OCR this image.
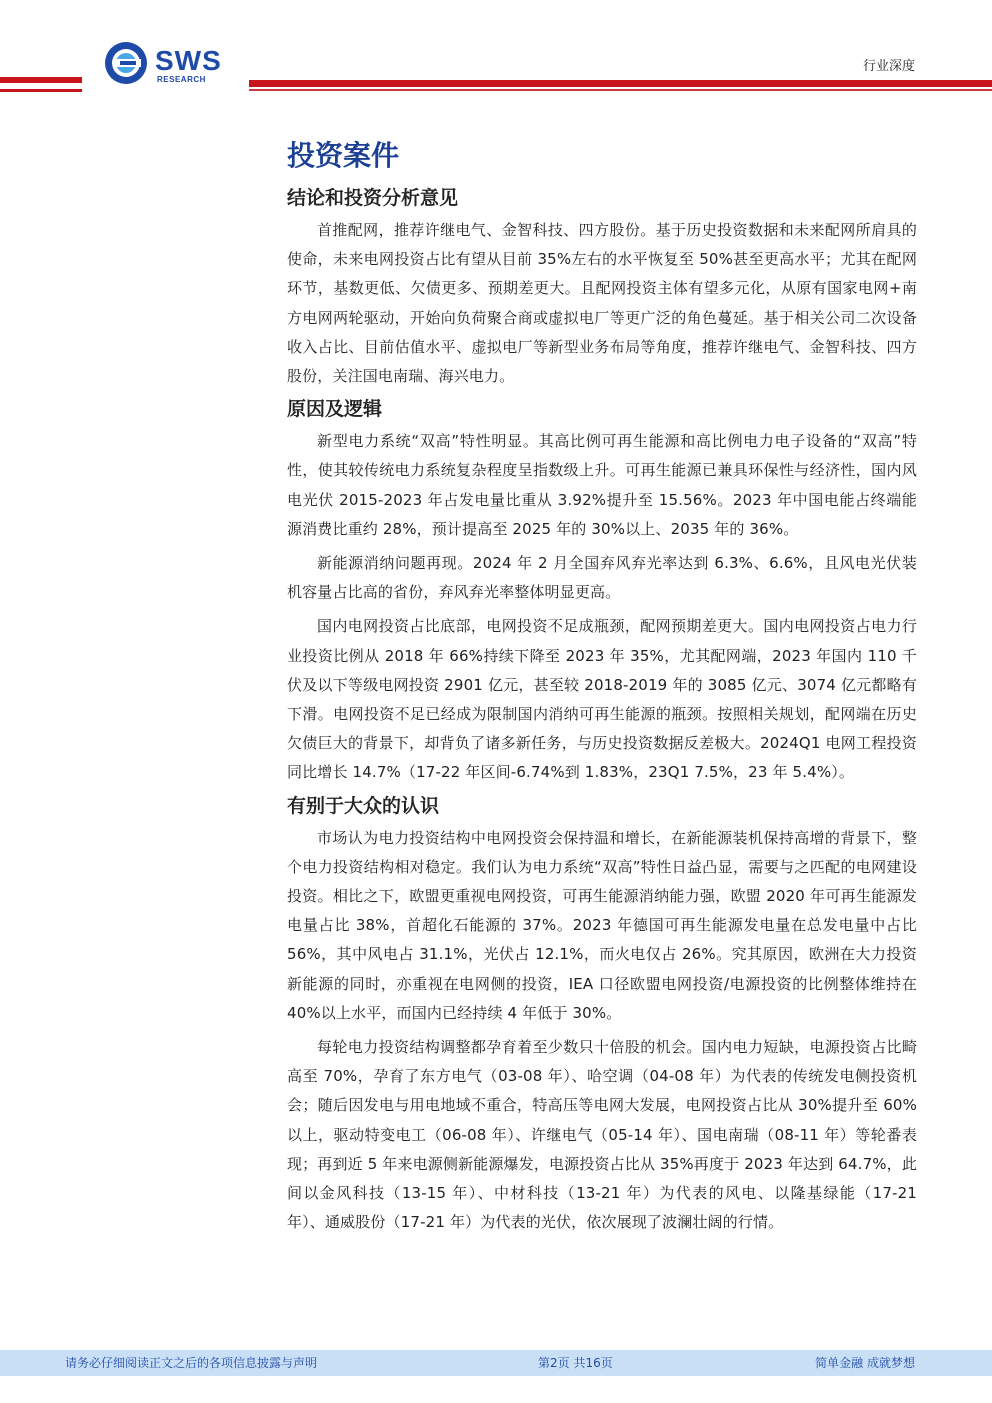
SWS
RESEARCH
行业深度
投资案件
结论和投资分析意见

首推配网，推荐许继电气、金智科技、四方股份。基于历史投资数据和未来配网所肩具的使命，未来电网投资占比有望从目前 35%左右的水平恢复至 50%甚至更高水平；尤其在配网环节，基数更低、欠债更多、预期差更大。且配网投资主体有望多元化，从原有国家电网+南方电网两轮驱动，开始向负荷聚合商或虚拟电厂等更广泛的角色蔓延。基于相关公司二次设备收入占比、目前估值水平、虚拟电厂等新型业务布局等角度，推荐许继电气、金智科技、四方股份，关注国电南瑞、海兴电力。

原因及逻辑

新型电力系统“双高”特性明显。其高比例可再生能源和高比例电力电子设备的“双高”特性，使其较传统电力系统复杂程度呈指数级上升。可再生能源已兼具环保性与经济性，国内风电光伏 2015-2023 年占发电量比重从 3.92%提升至 15.56%。2023 年中国电能占终端能源消费比重约 28%，预计提高至 2025 年的 30%以上、2035 年的 36%。

新能源消纳问题再现。2024 年 2 月全国弃风弃光率达到 6.3%、6.6%，且风电光伏装机容量占比高的省份，弃风弃光率整体明显更高。

国内电网投资占比底部，电网投资不足成瓶颈，配网预期差更大。国内电网投资占电力行业投资比例从 2018 年 66%持续下降至 2023 年 35%，尤其配网端，2023 年国内 110 千伏及以下等级电网投资 2901 亿元，甚至较 2018-2019 年的 3085 亿元、3074 亿元都略有下滑。电网投资不足已经成为限制国内消纳可再生能源的瓶颈。按照相关规划，配网端在历史欠债巨大的背景下，却背负了诸多新任务，与历史投资数据反差极大。2024Q1 电网工程投资同比增长 14.7%（17-22 年区间-6.74%到 1.83%，23Q1 7.5%，23 年 5.4%）。

有别于大众的认识

市场认为电力投资结构中电网投资会保持温和增长，在新能源装机保持高增的背景下，整个电力投资结构相对稳定。我们认为电力系统“双高”特性日益凸显，需要与之匹配的电网建设投资。相比之下，欧盟更重视电网投资，可再生能源消纳能力强，欧盟 2020 年可再生能源发电量占比 38%，首超化石能源的 37%。2023 年德国可再生能源发电量在总发电量中占比 56%，其中风电占 31.1%，光伏占 12.1%，而火电仅占 26%。究其原因，欧洲在大力投资新能源的同时，亦重视在电网侧的投资，IEA 口径欧盟电网投资/电源投资的比例整体维持在 40%以上水平，而国内已经持续 4 年低于 30%。

每轮电力投资结构调整都孕育着至少数只十倍股的机会。国内电力短缺，电源投资占比畸高至 70%，孕育了东方电气（03-08 年）、哈空调（04-08 年）为代表的传统发电侧投资机会；随后因发电与用电地域不重合，特高压等电网大发展，电网投资占比从 30%提升至 60%以上，驱动特变电工（06-08 年）、许继电气（05-14 年）、国电南瑞（08-11 年）等轮番表现；再到近 5 年来电源侧新能源爆发，电源投资占比从 35%再度于 2023 年达到 64.7%，此间以金风科技（13-15 年）、中材科技（13-21 年）为代表的风电、以隆基绿能（17-21 年）、通威股份（17-21 年）为代表的光伏，依次展现了波澜壮阔的行情。

请务必仔细阅读正文之后的各项信息披露与声明	第2页 共16页	简单金融 成就梦想
